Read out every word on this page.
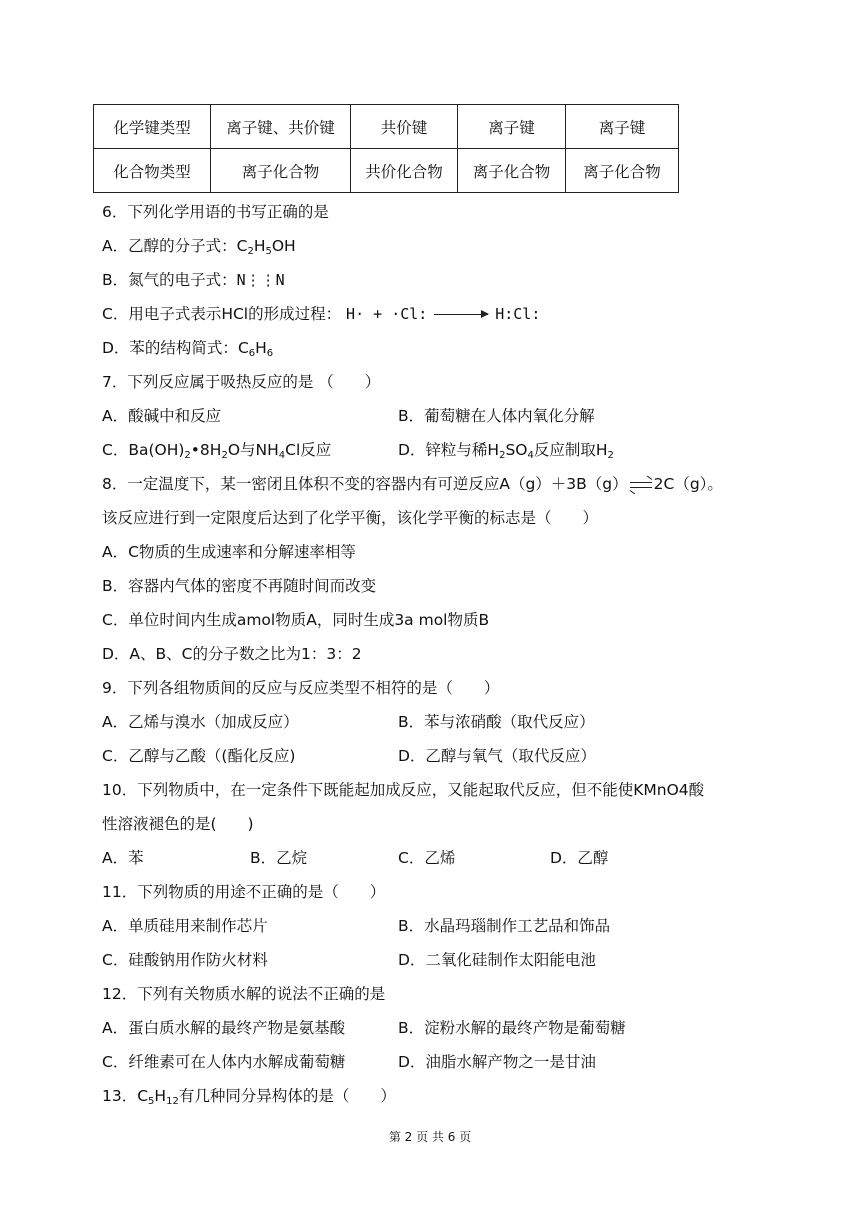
化学键类型	离子键、共价键	共价键	离子键	离子键
化合物类型	离子化合物	共价化合物	离子化合物	离子化合物
6．下列化学用语的书写正确的是
A．乙醇的分子式：$C_2H_5OH$
B．氮气的电子式：N⋮⋮N
C．用电子式表示HCl的形成过程： H· + ·Cl: → H:Cl:
D．苯的结构简式：$C_6H_6$
7．下列反应属于吸热反应的是 （　　）
A．酸碱中和反应	B．葡萄糖在人体内氧化分解
C．$Ba(OH)_2•8H_2O$与$NH_4Cl$反应	D．锌粒与稀$H_2SO_4$反应制取$H_2$
8．一定温度下，某一密闭且体积不变的容器内有可逆反应A（g）＋3B（g） 2C（g）。
该反应进行到一定限度后达到了化学平衡，该化学平衡的标志是（　　）
A．C物质的生成速率和分解速率相等
B．容器内气体的密度不再随时间而改变
C．单位时间内生成amol物质A，同时生成3a mol物质B
D．A、B、C的分子数之比为1：3：2
9．下列各组物质间的反应与反应类型不相符的是（　　）
A．乙烯与溴水（加成反应）	B．苯与浓硝酸（取代反应）
C．乙醇与乙酸（(酯化反应)	D．乙醇与氧气（取代反应）
10．下列物质中，在一定条件下既能起加成反应，又能起取代反应，但不能使KMnO4酸
性溶液褪色的是(　　)
A．苯	B．乙烷	C．乙烯	D．乙醇
11．下列物质的用途不正确的是（　　）
A．单质硅用来制作芯片	B．水晶玛瑙制作工艺品和饰品
C．硅酸钠用作防火材料	D．二氧化硅制作太阳能电池
12．下列有关物质水解的说法不正确的是
A．蛋白质水解的最终产物是氨基酸	B．淀粉水解的最终产物是葡萄糖
C．纤维素可在人体内水解成葡萄糖	D．油脂水解产物之一是甘油
13．$C_5H_{12}$有几种同分异构体的是（　　）
第 2 页 共 6 页
